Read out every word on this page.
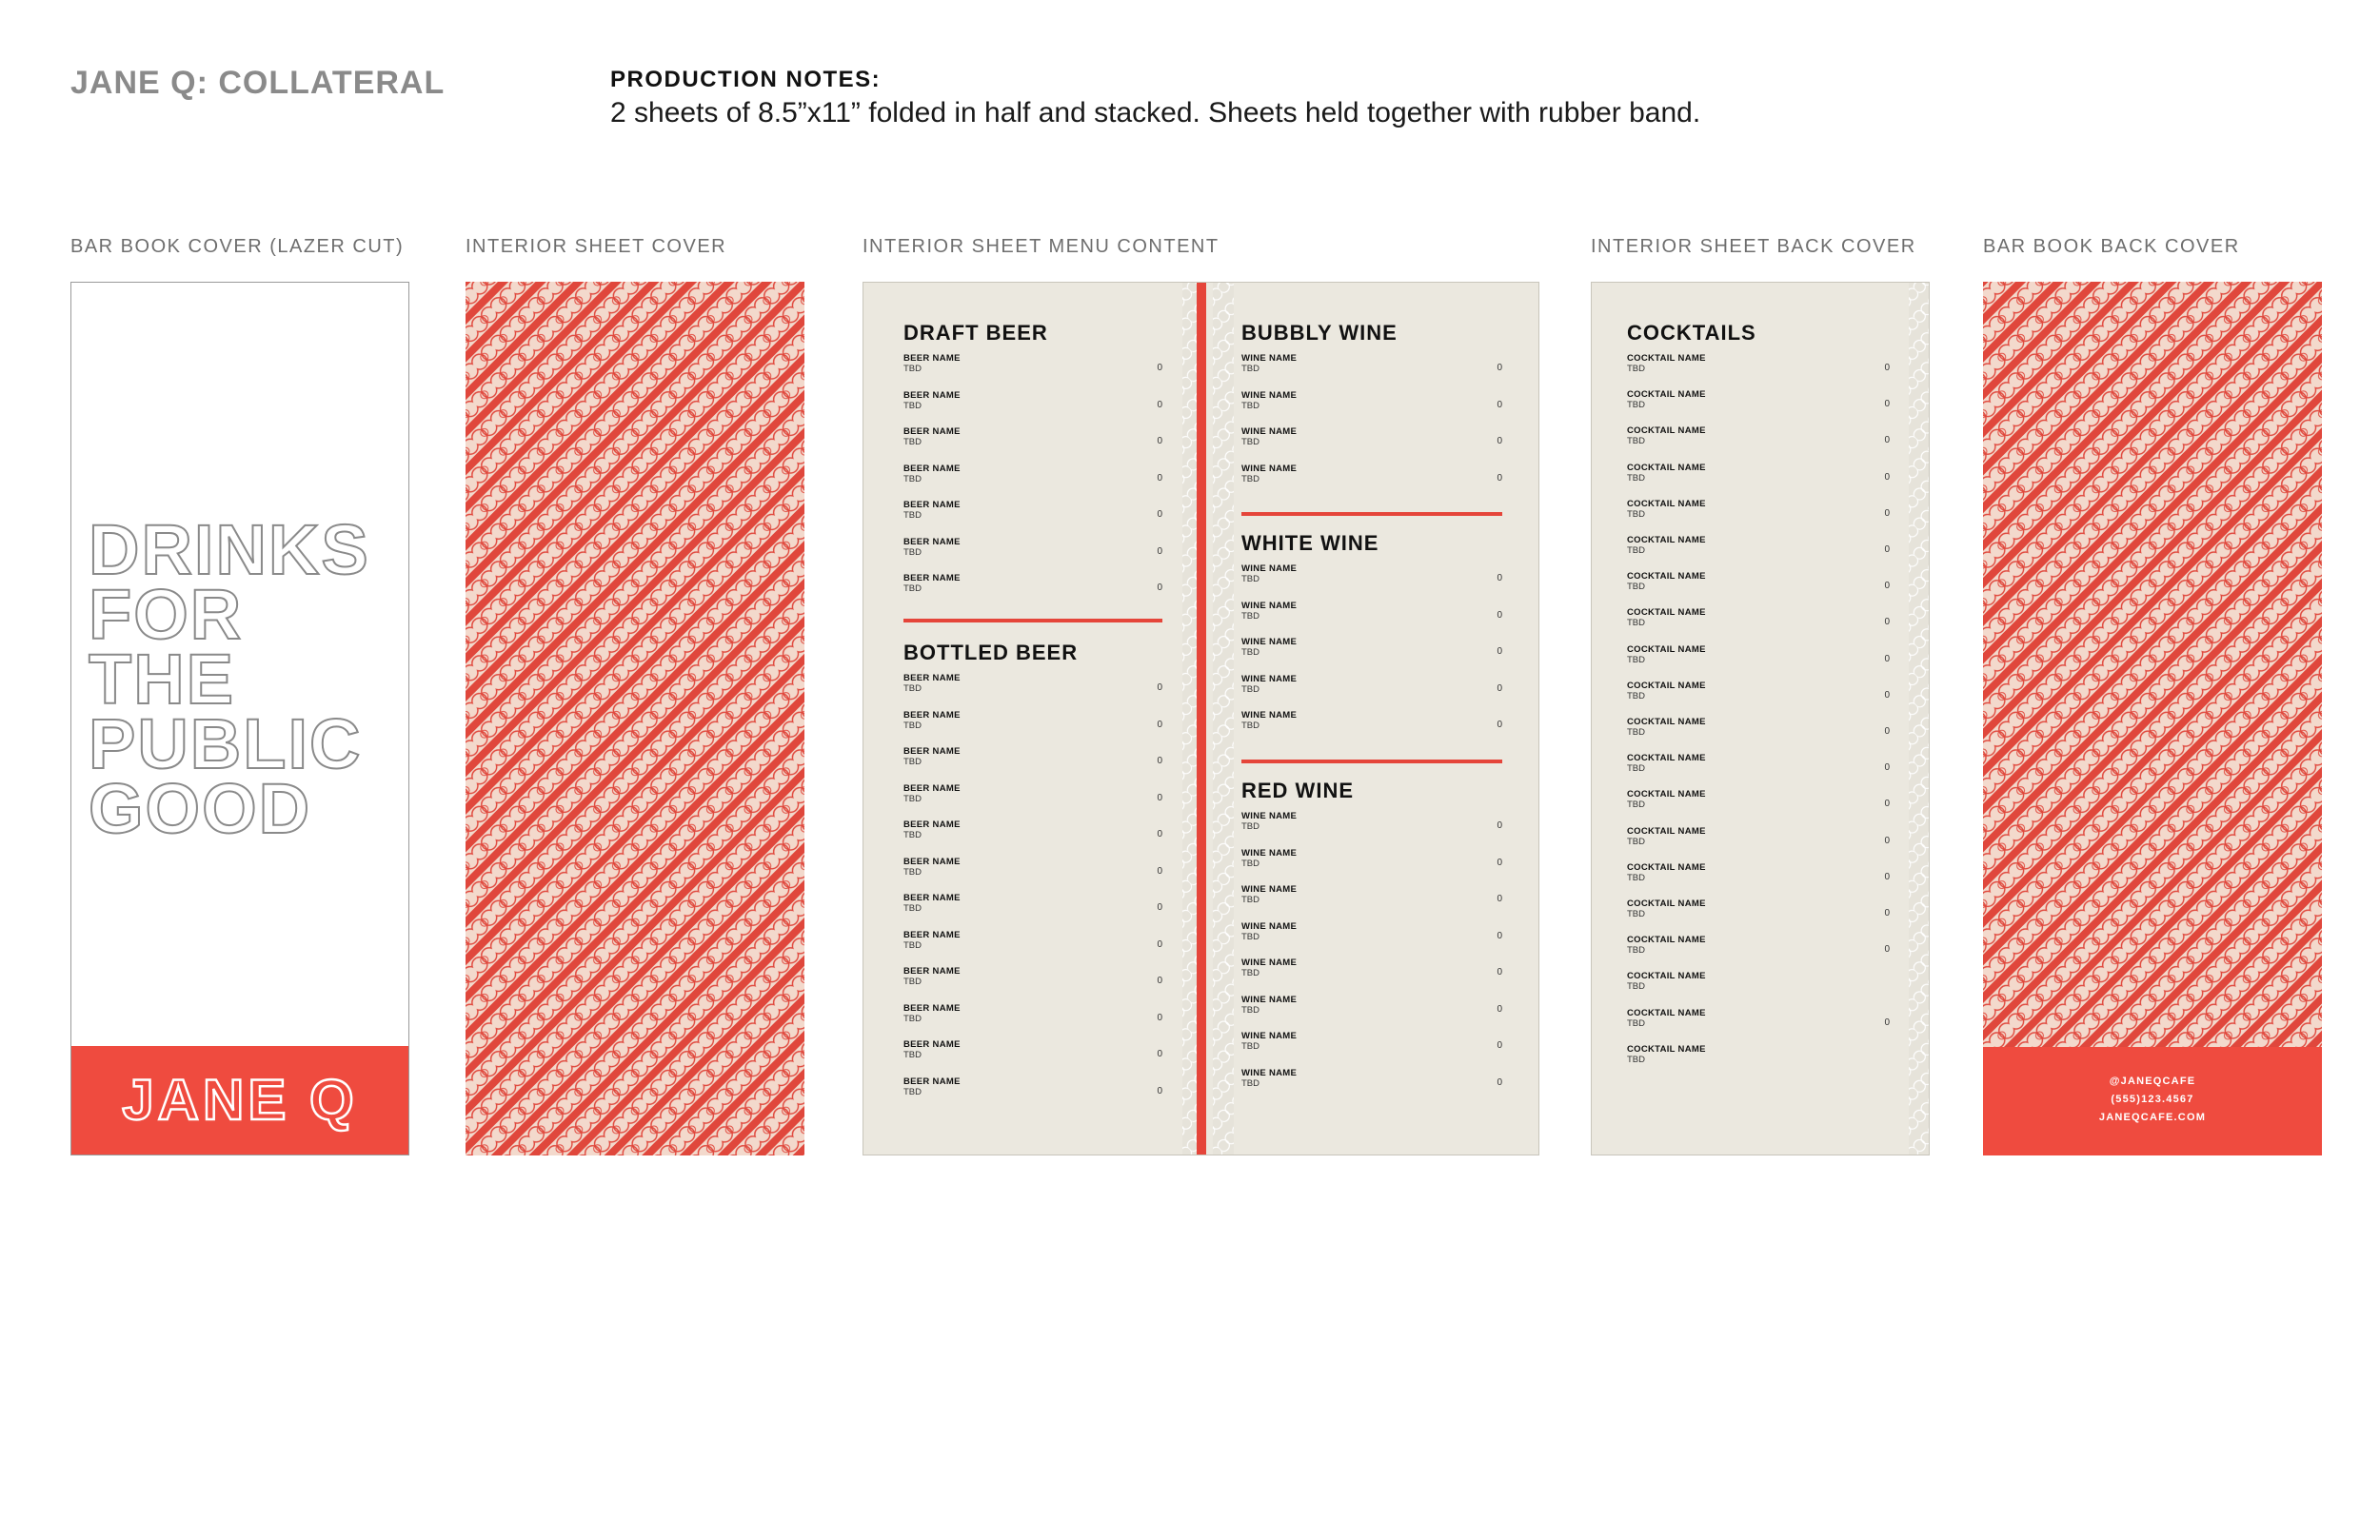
JANE Q: COLLATERAL	PRODUCTION NOTES:
2 sheets of 8.5”x11” folded in half and stacked. Sheets held together with rubber band.
BAR BOOK COVER (LAZER CUT)	INTERIOR SHEET COVER	INTERIOR SHEET MENU CONTENT	INTERIOR SHEET BACK COVER	BAR BOOK BACK COVER
DRINKS
FOR
THE
PUBLIC
GOOD
JANE Q
DRAFT BEER
BEER NAME
TBD	0
BEER NAME
TBD	0
BEER NAME
TBD	0
BEER NAME
TBD	0
BEER NAME
TBD	0
BEER NAME
TBD	0
BEER NAME
TBD	0
BOTTLED BEER
BEER NAME
TBD	0
BEER NAME
TBD	0
BEER NAME
TBD	0
BEER NAME
TBD	0
BEER NAME
TBD	0
BEER NAME
TBD	0
BEER NAME
TBD	0
BEER NAME
TBD	0
BEER NAME
TBD	0
BEER NAME
TBD	0
BEER NAME
TBD	0
BEER NAME
TBD	0
BUBBLY WINE
WINE NAME
TBD	0
WINE NAME
TBD	0
WINE NAME
TBD	0
WINE NAME
TBD	0
WHITE WINE
WINE NAME
TBD	0
WINE NAME
TBD	0
WINE NAME
TBD	0
WINE NAME
TBD	0
WINE NAME
TBD	0
RED WINE
WINE NAME
TBD	0
WINE NAME
TBD	0
WINE NAME
TBD	0
WINE NAME
TBD	0
WINE NAME
TBD	0
WINE NAME
TBD	0
WINE NAME
TBD	0
WINE NAME
TBD	0
COCKTAILS
COCKTAIL NAME
TBD	0
COCKTAIL NAME
TBD	0
COCKTAIL NAME
TBD	0
COCKTAIL NAME
TBD	0
COCKTAIL NAME
TBD	0
COCKTAIL NAME
TBD	0
COCKTAIL NAME
TBD	0
COCKTAIL NAME
TBD	0
COCKTAIL NAME
TBD	0
COCKTAIL NAME
TBD	0
COCKTAIL NAME
TBD	0
COCKTAIL NAME
TBD	0
COCKTAIL NAME
TBD	0
COCKTAIL NAME
TBD	0
COCKTAIL NAME
TBD	0
COCKTAIL NAME
TBD	0
COCKTAIL NAME
TBD	0
COCKTAIL NAME
TBD
COCKTAIL NAME
TBD	0
COCKTAIL NAME
TBD
@JANEQCAFE
(555)123.4567
JANEQCAFE.COM
